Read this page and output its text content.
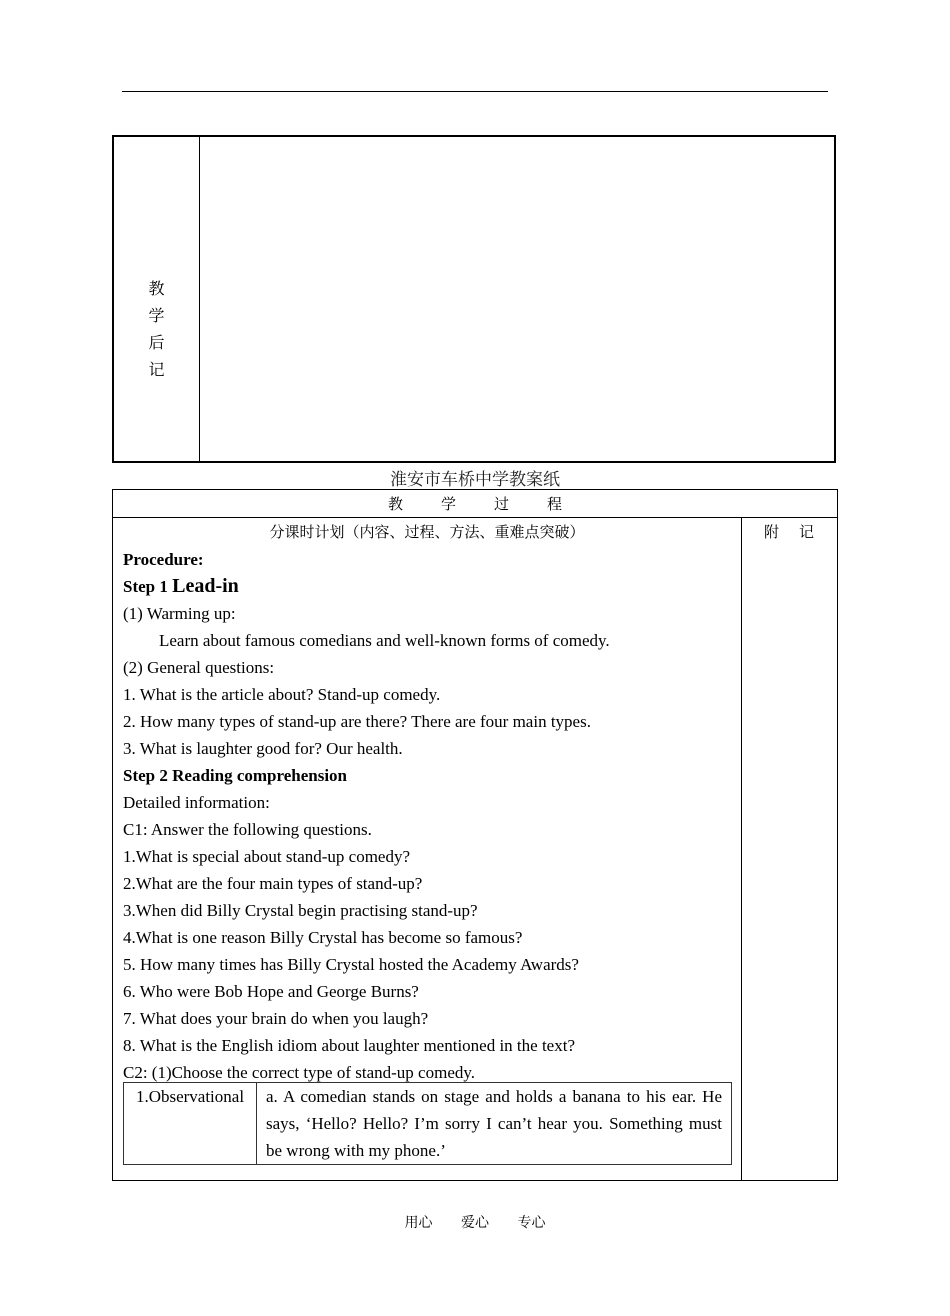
教学
后记
淮安市车桥中学教案纸
教学过程
分课时计划（内容、过程、方法、重难点突破）	附记
Procedure:
Step 1 Lead-in
(1) Warming up:
Learn about famous comedians and well-known forms of comedy.
(2) General questions:
1. What is the article about? Stand-up comedy.
2. How many types of stand-up are there? There are four main types.
3. What is laughter good for? Our health.
Step 2 Reading comprehension
Detailed information:
C1: Answer the following questions.
1.What is special about stand-up comedy?
2.What are the four main types of stand-up?
3.When did Billy Crystal begin practising stand-up?
4.What is one reason Billy Crystal has become so famous?
5. How many times has Billy Crystal hosted the Academy Awards?
6. Who were Bob Hope and George Burns?
7. What does your brain do when you laugh?
8. What is the English idiom about laughter mentioned in the text?
C2: (1)Choose the correct type of stand-up comedy.
1.Observational	a. A comedian stands on stage and holds a banana to his ear. He says, ‘Hello? Hello? I’m sorry I can’t hear you. Something must be wrong with my phone.’
用心 爱心 专心
